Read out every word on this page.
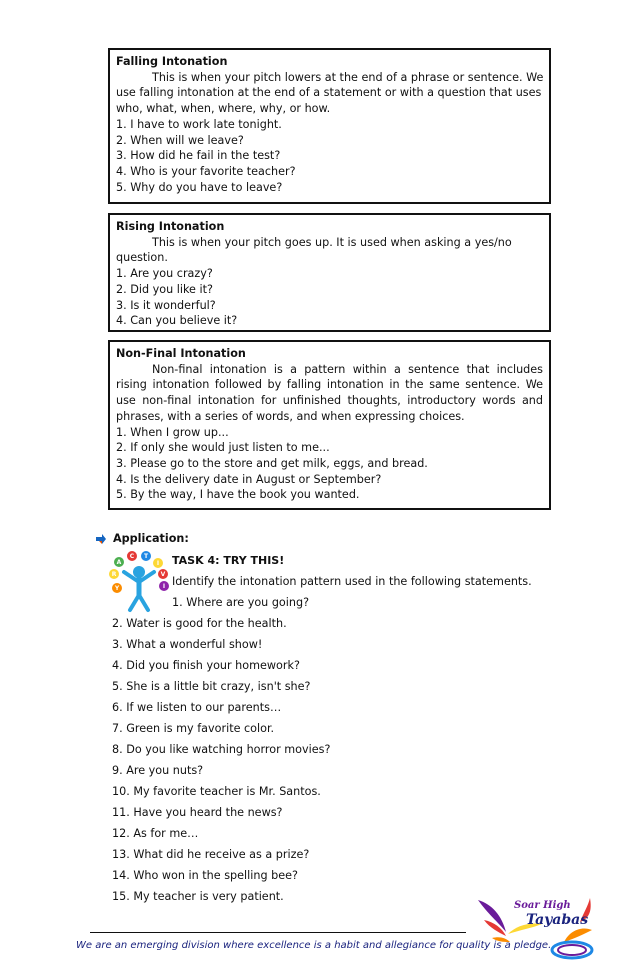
Falling Intonation

This is when your pitch lowers at the end of a phrase or sentence. We use falling intonation at the end of a statement or with a question that uses who, what, when, where, why, or how.

1. I have to work late tonight.

2. When will we leave?

3. How did he fail in the test?

4. Who is your favorite teacher?

5. Why do you have to leave?

Rising Intonation

This is when your pitch goes up. It is used when asking a yes/no question.

1. Are you crazy?

2. Did you like it?

3. Is it wonderful?

4. Can you believe it?

Non-Final Intonation

Non-final intonation is a pattern within a sentence that includes rising intonation followed by falling intonation in the same sentence. We use non-final intonation for unfinished thoughts, introductory words and phrases, with a series of words, and when expressing choices.

1. When I grow up...

2. If only she would just listen to me...

3. Please go to the store and get milk, eggs, and bread.

4. Is the delivery date in August or September?

5. By the way, I have the book you wanted.

Application:
A
C T
I
V
I
R
Y
TASK 4: TRY THIS!
Identify the intonation pattern used in the following statements.
1. Where are you going?
2. Water is good for the health.
3. What a wonderful show!
4. Did you finish your homework?
5. She is a little bit crazy, isn't she?
6. If we listen to our parents…
7. Green is my favorite color.
8. Do you like watching horror movies?
9. Are you nuts?
10. My favorite teacher is Mr. Santos.
11. Have you heard the news?
12. As for me…
13. What did he receive as a prize?
14. Who won in the spelling bee?
15. My teacher is very patient.
Soar High
Tayabas
We are an emerging division where excellence is a habit and allegiance for quality is a pledge.
